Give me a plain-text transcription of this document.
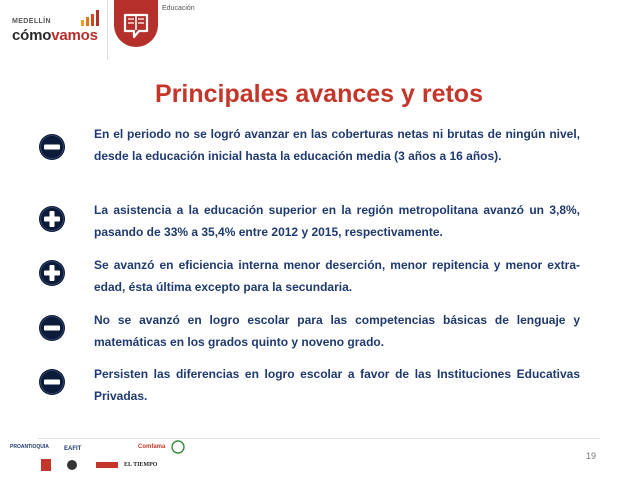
MEDELLÍN
cómovamos
Educación
Principales avances y retos
En el periodo no se logró avanzar en las coberturas netas ni brutas de ningún nivel, desde la educación inicial hasta la educación media (3 años a 16 años).
La asistencia a la educación superior en la región metropolitana avanzó un 3,8%, pasando de 33% a 35,4% entre 2012 y 2015, respectivamente.
Se avanzó en eficiencia interna menor deserción, menor repitencia y menor extra-edad, ésta última excepto para la secundaria.
No se avanzó en logro escolar para las competencias básicas de lenguaje y matemáticas en los grados quinto y noveno grado.
Persisten las diferencias en logro escolar a favor de las Instituciones Educativas Privadas.
PROANTIOQUIA	EAFIT	Comfama
EL TIEMPO
19
